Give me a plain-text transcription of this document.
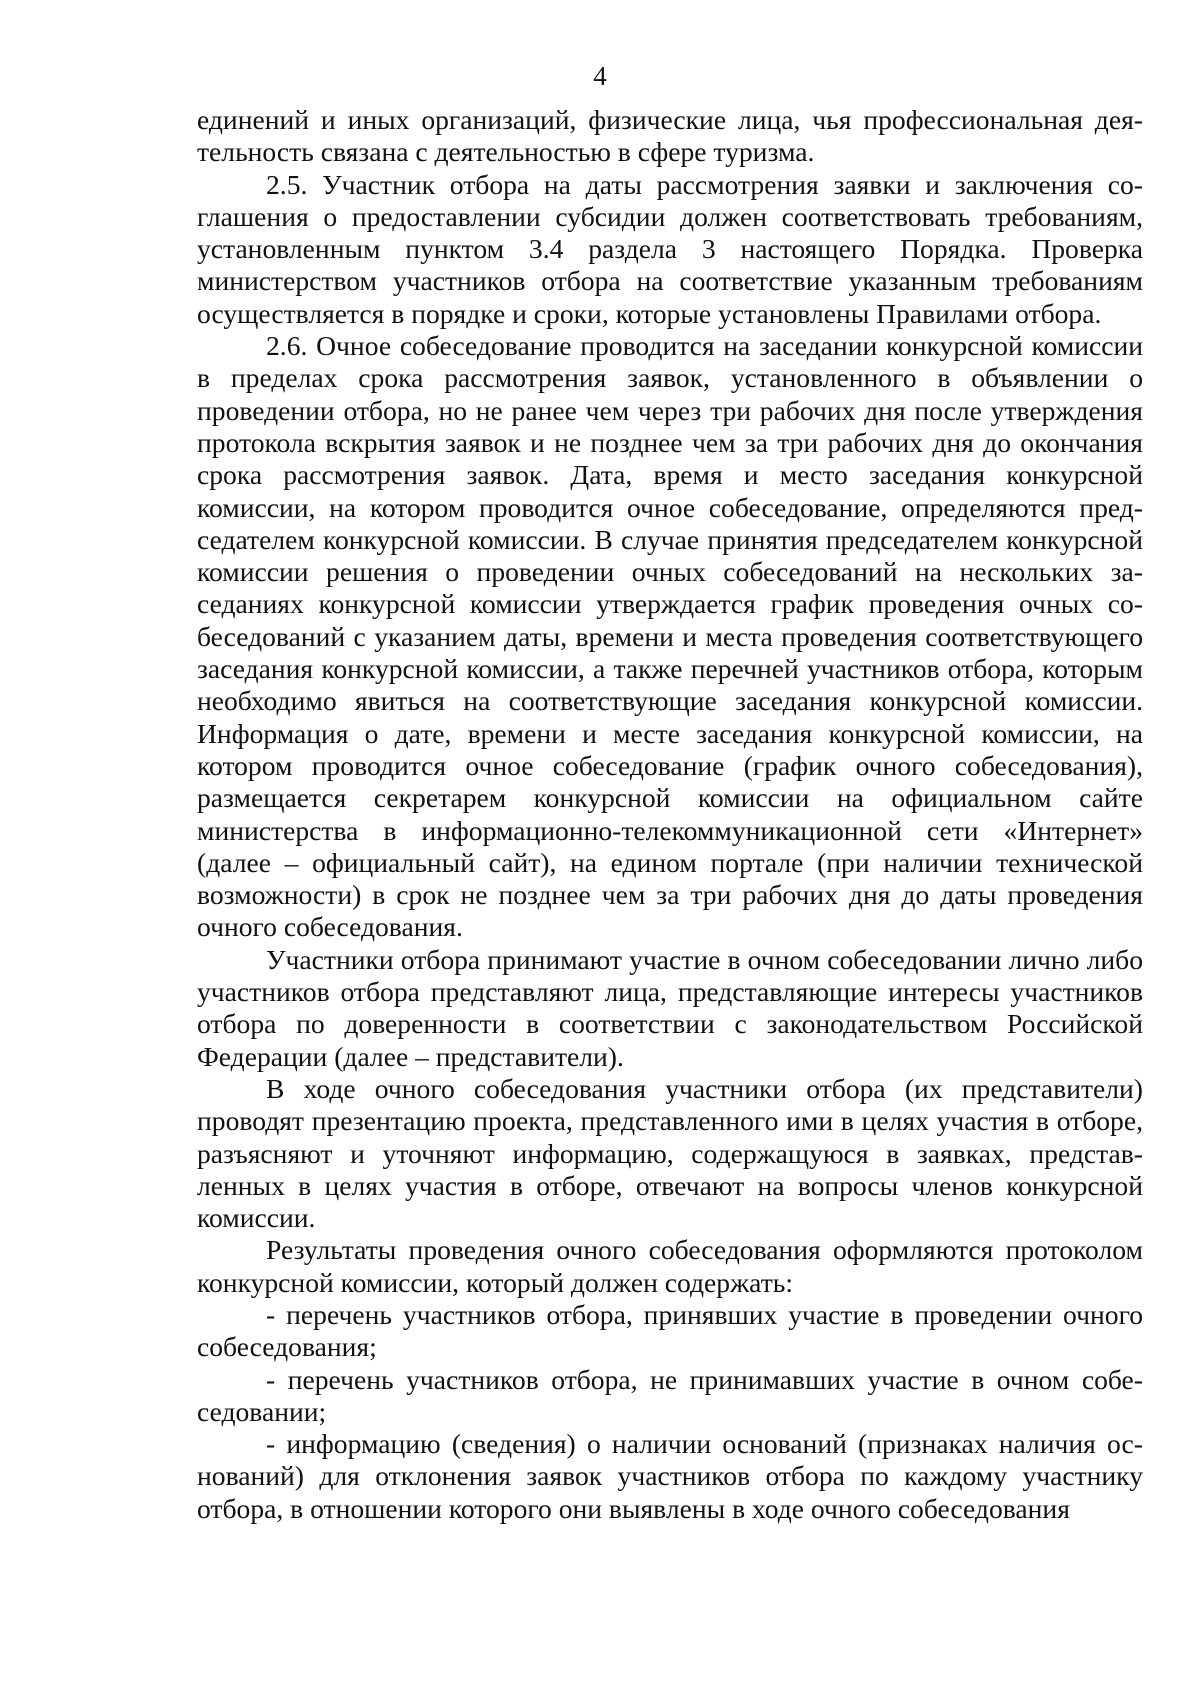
4

единений и иных организаций, физические лица, чья профессиональная деятельность связана с деятельностью в сфере туризма.

2.5. Участник отбора на даты рассмотрения заявки и заключения соглашения о предоставлении субсидии должен соответствовать требованиям, установленным пунктом 3.4 раздела 3 настоящего Порядка. Проверка министерством участников отбора на соответствие указанным требованиям осуществляется в порядке и сроки, которые установлены Правилами отбора.

2.6. Очное собеседование проводится на заседании конкурсной комиссии в пределах срока рассмотрения заявок, установленного в объявлении о проведении отбора, но не ранее чем через три рабочих дня после утверждения протокола вскрытия заявок и не позднее чем за три рабочих дня до окончания срока рассмотрения заявок. Дата, время и место заседания конкурсной комиссии, на котором проводится очное собеседование, определяются председателем конкурсной комиссии. В случае принятия председателем конкурсной комиссии решения о проведении очных собеседований на нескольких заседаниях конкурсной комиссии утверждается график проведения очных собеседований с указанием даты, времени и места проведения соответствующего заседания конкурсной комиссии, а также перечней участников отбора, которым необходимо явиться на соответствующие заседания конкурсной комиссии. Информация о дате, времени и месте заседания конкурсной комиссии, на котором проводится очное собеседование (график очного собеседования), размещается секретарем конкурсной комиссии на официальном сайте министерства в информационно-телекоммуникационной сети «Интернет» (далее – официальный сайт), на едином портале (при наличии технической возможности) в срок не позднее чем за три рабочих дня до даты проведения очного собеседования.

Участники отбора принимают участие в очном собеседовании лично либо участников отбора представляют лица, представляющие интересы участников отбора по доверенности в соответствии с законодательством Российской Федерации (далее – представители).

В ходе очного собеседования участники отбора (их представители) проводят презентацию проекта, представленного ими в целях участия в отборе, разъясняют и уточняют информацию, содержащуюся в заявках, представленных в целях участия в отборе, отвечают на вопросы членов конкурсной комиссии.

Результаты проведения очного собеседования оформляются протоколом конкурсной комиссии, который должен содержать:

- перечень участников отбора, принявших участие в проведении очного собеседования;

- перечень участников отбора, не принимавших участие в очном собеседовании;

- информацию (сведения) о наличии оснований (признаках наличия оснований) для отклонения заявок участников отбора по каждому участнику отбора, в отношении которого они выявлены в ходе очного собеседования
